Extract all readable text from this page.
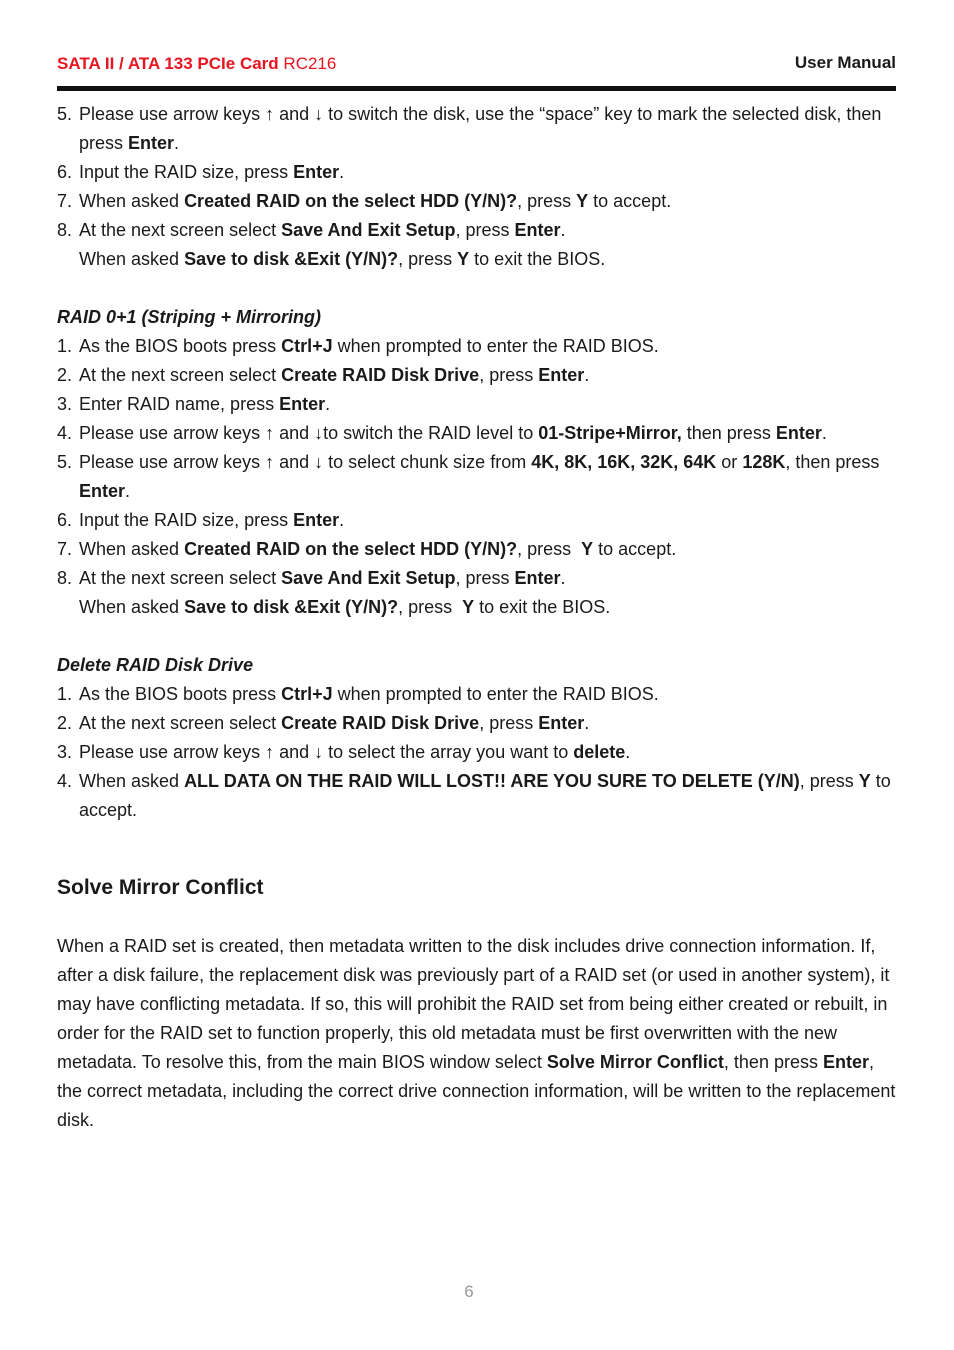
SATA II / ATA 133 PCIe Card RC216	User Manual
5. Please use arrow keys ↑ and ↓ to switch the disk, use the “space” key to mark the selected disk, then press Enter.
6. Input the RAID size, press Enter.
7. When asked Created RAID on the select HDD (Y/N)?, press Y to accept.
8. At the next screen select Save And Exit Setup, press Enter.
When asked Save to disk &Exit (Y/N)?, press Y to exit the BIOS.
RAID 0+1 (Striping + Mirroring)
1. As the BIOS boots press Ctrl+J when prompted to enter the RAID BIOS.
2. At the next screen select Create RAID Disk Drive, press Enter.
3. Enter RAID name, press Enter.
4. Please use arrow keys ↑ and ↓to switch the RAID level to 01-Stripe+Mirror, then press Enter.
5. Please use arrow keys ↑ and ↓ to select chunk size from 4K, 8K, 16K, 32K, 64K or 128K, then press Enter.
6. Input the RAID size, press Enter.
7. When asked Created RAID on the select HDD (Y/N)?, press  Y to accept.
8. At the next screen select Save And Exit Setup, press Enter.
When asked Save to disk &Exit (Y/N)?, press  Y to exit the BIOS.
Delete RAID Disk Drive
1. As the BIOS boots press Ctrl+J when prompted to enter the RAID BIOS.
2. At the next screen select Create RAID Disk Drive, press Enter.
3. Please use arrow keys ↑ and ↓ to select the array you want to delete.
4. When asked ALL DATA ON THE RAID WILL LOST!! ARE YOU SURE TO DELETE (Y/N), press Y to accept.
Solve Mirror Conflict
When a RAID set is created, then metadata written to the disk includes drive connection information. If, after a disk failure, the replacement disk was previously part of a RAID set (or used in another system), it may have conflicting metadata. If so, this will prohibit the RAID set from being either created or rebuilt, in order for the RAID set to function properly, this old metadata must be first overwritten with the new metadata. To resolve this, from the main BIOS window select Solve Mirror Conflict, then press Enter, the correct metadata, including the correct drive connection information, will be written to the replacement disk.
6
